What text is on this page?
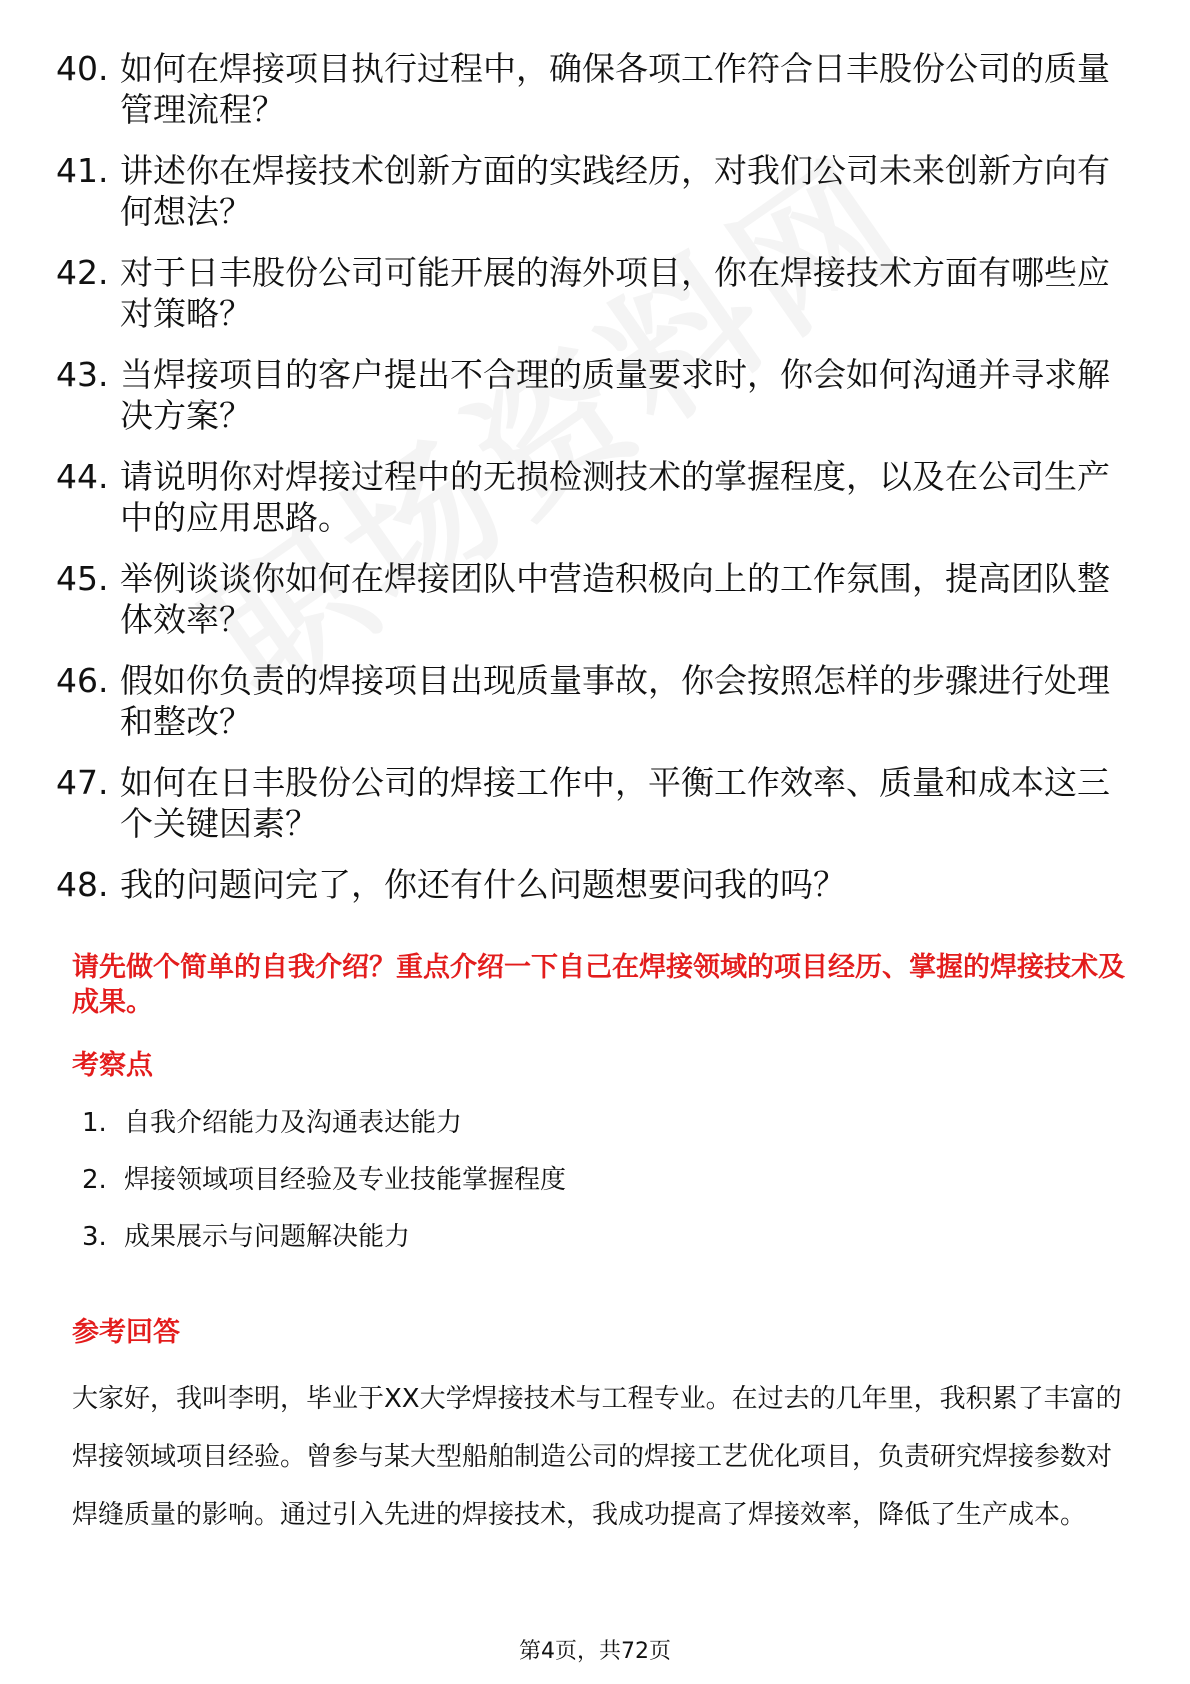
40. 如何在焊接项目执行过程中，确保各项工作符合日丰股份公司的质量管理流程？
41. 讲述你在焊接技术创新方面的实践经历，对我们公司未来创新方向有何想法？
42. 对于日丰股份公司可能开展的海外项目，你在焊接技术方面有哪些应对策略？
43. 当焊接项目的客户提出不合理的质量要求时，你会如何沟通并寻求解决方案？
44. 请说明你对焊接过程中的无损检测技术的掌握程度，以及在公司生产中的应用思路。
45. 举例谈谈你如何在焊接团队中营造积极向上的工作氛围，提高团队整体效率？
46. 假如你负责的焊接项目出现质量事故，你会按照怎样的步骤进行处理和整改？
47. 如何在日丰股份公司的焊接工作中，平衡工作效率、质量和成本这三个关键因素？
48. 我的问题问完了，你还有什么问题想要问我的吗？
请先做个简单的自我介绍？重点介绍一下自己在焊接领域的项目经历、掌握的焊接技术及成果。
考察点
1. 自我介绍能力及沟通表达能力
2. 焊接领域项目经验及专业技能掌握程度
3. 成果展示与问题解决能力
参考回答
大家好，我叫李明，毕业于XX大学焊接技术与工程专业。在过去的几年里，我积累了丰富的焊接领域项目经验。曾参与某大型船舶制造公司的焊接工艺优化项目，负责研究焊接参数对焊缝质量的影响。通过引入先进的焊接技术，我成功提高了焊接效率，降低了生产成本。
第4页，共72页
